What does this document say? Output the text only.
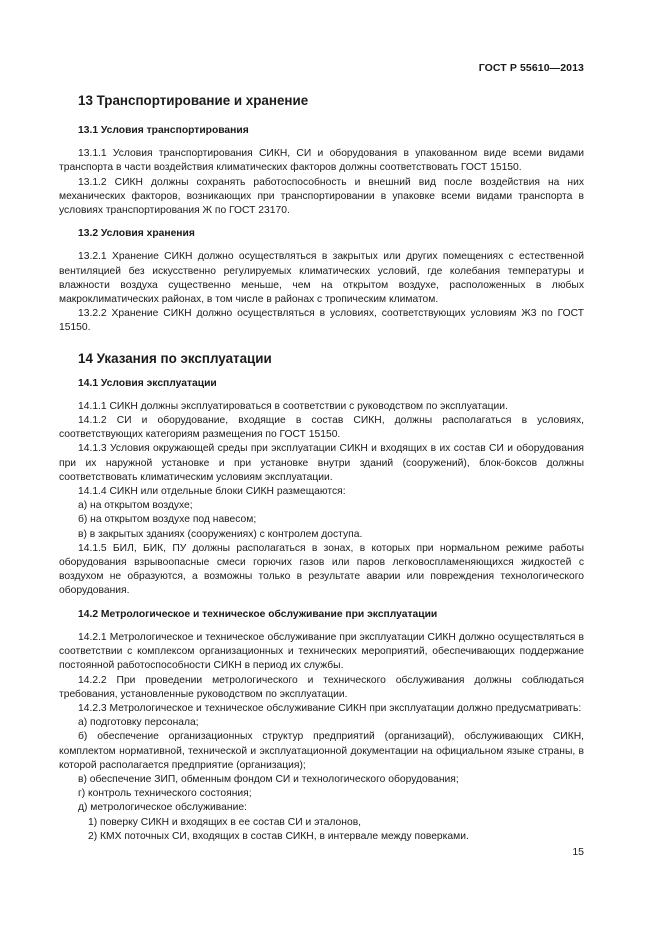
ГОСТ Р 55610—2013
13 Транспортирование и хранение
13.1 Условия транспортирования

13.1.1 Условия транспортирования СИКН, СИ и оборудования в упакованном виде всеми видами транспорта в части воздействия климатических факторов должны соответствовать ГОСТ 15150.

13.1.2 СИКН должны сохранять работоспособность и внешний вид после воздействия на них механических факторов, возникающих при транспортировании в упаковке всеми видами транспорта в условиях транспортирования Ж по ГОСТ 23170.

13.2 Условия хранения

13.2.1 Хранение СИКН должно осуществляться в закрытых или других помещениях с естественной вентиляцией без искусственно регулируемых климатических условий, где колебания температуры и влажности воздуха существенно меньше, чем на открытом воздухе, расположенных в любых макроклиматических районах, в том числе в районах с тропическим климатом.

13.2.2 Хранение СИКН должно осуществляться в условиях, соответствующих условиям Ж3 по ГОСТ 15150.

14 Указания по эксплуатации
14.1 Условия эксплуатации

14.1.1 СИКН должны эксплуатироваться в соответствии с руководством по эксплуатации.

14.1.2 СИ и оборудование, входящие в состав СИКН, должны располагаться в условиях, соответствующих категориям размещения по ГОСТ 15150.

14.1.3 Условия окружающей среды при эксплуатации СИКН и входящих в их состав СИ и оборудования при их наружной установке и при установке внутри зданий (сооружений), блок-боксов должны соответствовать климатическим условиям эксплуатации.

14.1.4 СИКН или отдельные блоки СИКН размещаются:

а) на открытом воздухе;

б) на открытом воздухе под навесом;

в) в закрытых зданиях (сооружениях) с контролем доступа.

14.1.5 БИЛ, БИК, ПУ должны располагаться в зонах, в которых при нормальном режиме работы оборудования взрывоопасные смеси горючих газов или паров легковоспламеняющихся жидкостей с воздухом не образуются, а возможны только в результате аварии или повреждения технологического оборудования.

14.2 Метрологическое и техническое обслуживание при эксплуатации

14.2.1 Метрологическое и техническое обслуживание при эксплуатации СИКН должно осуществляться в соответствии с комплексом организационных и технических мероприятий, обеспечивающих поддержание постоянной работоспособности СИКН в период их службы.

14.2.2 При проведении метрологического и технического обслуживания должны соблюдаться требования, установленные руководством по эксплуатации.

14.2.3 Метрологическое и техническое обслуживание СИКН при эксплуатации должно предусматривать:

а) подготовку персонала;

б) обеспечение организационных структур предприятий (организаций), обслуживающих СИКН, комплектом нормативной, технической и эксплуатационной документации на официальном языке страны, в которой располагается предприятие (организация);

в) обеспечение ЗИП, обменным фондом СИ и технологического оборудования;

г) контроль технического состояния;

д) метрологическое обслуживание:

1) поверку СИКН и входящих в ее состав СИ и эталонов,

2) КМХ поточных СИ, входящих в состав СИКН, в интервале между поверками.

15
